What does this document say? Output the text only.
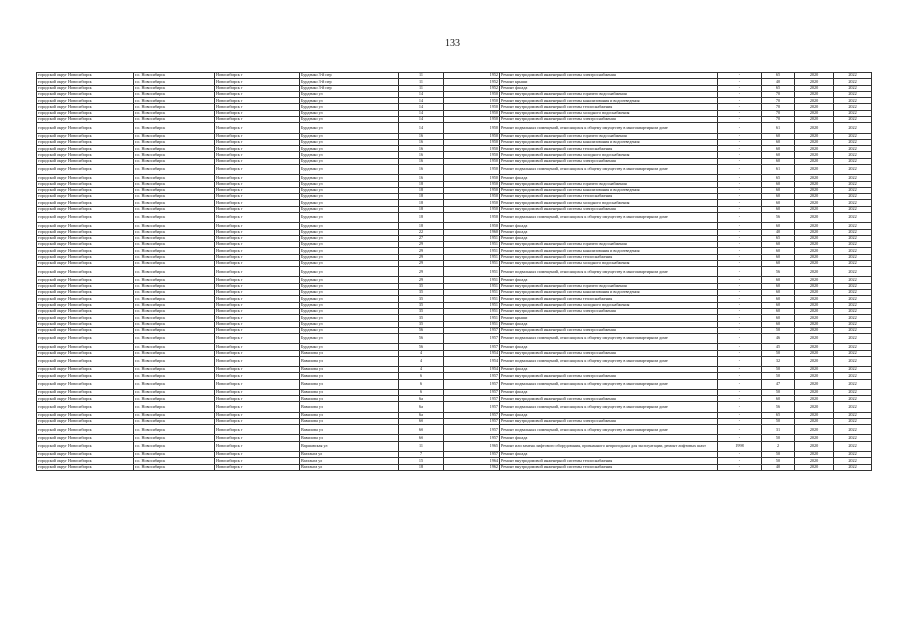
133
городской округ Новосибирск	г.о. Новосибирск	Новосибирск г	Бурденко 3-й пер	11	1952	Ремонт внутридомовой инженерной системы электроснабжения	-	65	2020	2022
городской округ Новосибирск	г.о. Новосибирск	Новосибирск г	Бурденко 3-й пер	11	1952	Ремонт крыши	-	40	2020	2022
городской округ Новосибирск	г.о. Новосибирск	Новосибирск г	Бурденко 3-й пер	11	1952	Ремонт фасада	-	65	2020	2022
городской округ Новосибирск	г.о. Новосибирск	Новосибирск г	Бурденко ул	14	1950	Ремонт внутридомовой инженерной системы горячего водоснабжения	-	70	2020	2022
городской округ Новосибирск	г.о. Новосибирск	Новосибирск г	Бурденко ул	14	1950	Ремонт внутридомовой инженерной системы канализования и водоотведения	-	70	2020	2022
городской округ Новосибирск	г.о. Новосибирск	Новосибирск г	Бурденко ул	14	1950	Ремонт внутридомовой инженерной системы теплоснабжения	-	70	2020	2022
городской округ Новосибирск	г.о. Новосибирск	Новосибирск г	Бурденко ул	14	1950	Ремонт внутридомовой инженерной системы холодного водоснабжения	-	70	2020	2022
городской округ Новосибирск	г.о. Новосибирск	Новосибирск г	Бурденко ул	14	1950	Ремонт внутридомовой инженерной системы электроснабжения	-	70	2020	2022
городской округ Новосибирск	г.о. Новосибирск	Новосибирск г	Бурденко ул	14	1950	Ремонт подвальных помещений, относящихся к общему имуществу в многоквартирном доме	-	61	2020	2022
городской округ Новосибирск	г.о. Новосибирск	Новосибирск г	Бурденко ул	16	1950	Ремонт внутридомовой инженерной системы горячего водоснабжения	-	60	2020	2022
городской округ Новосибирск	г.о. Новосибирск	Новосибирск г	Бурденко ул	16	1950	Ремонт внутридомовой инженерной системы канализования и водоотведения	-	60	2020	2022
городской округ Новосибирск	г.о. Новосибирск	Новосибирск г	Бурденко ул	16	1950	Ремонт внутридомовой инженерной системы теплоснабжения	-	60	2020	2022
городской округ Новосибирск	г.о. Новосибирск	Новосибирск г	Бурденко ул	16	1950	Ремонт внутридомовой инженерной системы холодного водоснабжения	-	60	2020	2022
городской округ Новосибирск	г.о. Новосибирск	Новосибирск г	Бурденко ул	16	1950	Ремонт внутридомовой инженерной системы электроснабжения	-	60	2020	2022
городской округ Новосибирск	г.о. Новосибирск	Новосибирск г	Бурденко ул	16	1950	Ремонт подвальных помещений, относящихся к общему имуществу в многоквартирном доме	-	61	2020	2022
городской округ Новосибирск	г.о. Новосибирск	Новосибирск г	Бурденко ул	16	1950	Ремонт фасада	-	65	2020	2022
городской округ Новосибирск	г.о. Новосибирск	Новосибирск г	Бурденко ул	18	1950	Ремонт внутридомовой инженерной системы горячего водоснабжения	-	60	2020	2022
городской округ Новосибирск	г.о. Новосибирск	Новосибирск г	Бурденко ул	18	1950	Ремонт внутридомовой инженерной системы канализования и водоотведения	-	60	2020	2022
городской округ Новосибирск	г.о. Новосибирск	Новосибирск г	Бурденко ул	18	1950	Ремонт внутридомовой инженерной системы теплоснабжения	-	60	2020	2022
городской округ Новосибирск	г.о. Новосибирск	Новосибирск г	Бурденко ул	18	1950	Ремонт внутридомовой инженерной системы холодного водоснабжения	-	60	2020	2022
городской округ Новосибирск	г.о. Новосибирск	Новосибирск г	Бурденко ул	18	1950	Ремонт внутридомовой инженерной системы электроснабжения	-	60	2020	2022
городской округ Новосибирск	г.о. Новосибирск	Новосибирск г	Бурденко ул	18	1950	Ремонт подвальных помещений, относящихся к общему имуществу в многоквартирном доме	-	56	2020	2022
городской округ Новосибирск	г.о. Новосибирск	Новосибирск г	Бурденко ул	18	1950	Ремонт фасада	-	60	2020	2022
городской округ Новосибирск	г.о. Новосибирск	Новосибирск г	Бурденко ул	22	1960	Ремонт фасада	-	40	2020	2022
городской округ Новосибирск	г.о. Новосибирск	Новосибирск г	Бурденко ул	27	1951	Ремонт фасада	-	65	2020	2022
городской округ Новосибирск	г.о. Новосибирск	Новосибирск г	Бурденко ул	29	1951	Ремонт внутридомовой инженерной системы горячего водоснабжения	-	60	2020	2022
городской округ Новосибирск	г.о. Новосибирск	Новосибирск г	Бурденко ул	29	1951	Ремонт внутридомовой инженерной системы канализования и водоотведения	-	60	2020	2022
городской округ Новосибирск	г.о. Новосибирск	Новосибирск г	Бурденко ул	29	1951	Ремонт внутридомовой инженерной системы теплоснабжения	-	60	2020	2022
городской округ Новосибирск	г.о. Новосибирск	Новосибирск г	Бурденко ул	29	1951	Ремонт внутридомовой инженерной системы холодного водоснабжения	-	60	2020	2022
городской округ Новосибирск	г.о. Новосибирск	Новосибирск г	Бурденко ул	29	1951	Ремонт подвальных помещений, относящихся к общему имуществу в многоквартирном доме	-	56	2020	2022
городской округ Новосибирск	г.о. Новосибирск	Новосибирск г	Бурденко ул	29	1951	Ремонт фасада	-	60	2020	2022
городской округ Новосибирск	г.о. Новосибирск	Новосибирск г	Бурденко ул	35	1951	Ремонт внутридомовой инженерной системы горячего водоснабжения	-	60	2020	2022
городской округ Новосибирск	г.о. Новосибирск	Новосибирск г	Бурденко ул	35	1951	Ремонт внутридомовой инженерной системы канализования и водоотведения	-	60	2020	2022
городской округ Новосибирск	г.о. Новосибирск	Новосибирск г	Бурденко ул	35	1951	Ремонт внутридомовой инженерной системы теплоснабжения	-	60	2020	2022
городской округ Новосибирск	г.о. Новосибирск	Новосибирск г	Бурденко ул	35	1951	Ремонт внутридомовой инженерной системы холодного водоснабжения	-	60	2020	2022
городской округ Новосибирск	г.о. Новосибирск	Новосибирск г	Бурденко ул	35	1951	Ремонт внутридомовой инженерной системы электроснабжения	-	60	2020	2022
городской округ Новосибирск	г.о. Новосибирск	Новосибирск г	Бурденко ул	35	1951	Ремонт крыши	-	60	2020	2022
городской округ Новосибирск	г.о. Новосибирск	Новосибирск г	Бурденко ул	35	1951	Ремонт фасада	-	60	2020	2022
городской округ Новосибирск	г.о. Новосибирск	Новосибирск г	Бурденко ул	56	1957	Ремонт внутридомовой инженерной системы электроснабжения	-	50	2020	2022
городской округ Новосибирск	г.о. Новосибирск	Новосибирск г	Бурденко ул	56	1957	Ремонт подвальных помещений, относящихся к общему имуществу в многоквартирном доме	-	46	2020	2022
городской округ Новосибирск	г.о. Новосибирск	Новосибирск г	Бурденко ул	56	1957	Ремонт фасада	-	45	2020	2022
городской округ Новосибирск	г.о. Новосибирск	Новосибирск г	Вавилова ул	4	1954	Ремонт внутридомовой инженерной системы электроснабжения	-	50	2020	2022
городской округ Новосибирск	г.о. Новосибирск	Новосибирск г	Вавилова ул	4	1954	Ремонт подвальных помещений, относящихся к общему имуществу в многоквартирном доме	-	32	2020	2022
городской округ Новосибирск	г.о. Новосибирск	Новосибирск г	Вавилова ул	4	1954	Ремонт фасада	-	50	2020	2022
городской округ Новосибирск	г.о. Новосибирск	Новосибирск г	Вавилова ул	6	1957	Ремонт внутридомовой инженерной системы электроснабжения	-	50	2020	2022
городской округ Новосибирск	г.о. Новосибирск	Новосибирск г	Вавилова ул	6	1957	Ремонт подвальных помещений, относящихся к общему имуществу в многоквартирном доме	-	47	2020	2022
городской округ Новосибирск	г.о. Новосибирск	Новосибирск г	Вавилова ул	6	1957	Ремонт фасада	-	50	2020	2022
городской округ Новосибирск	г.о. Новосибирск	Новосибирск г	Вавилова ул	6а	1957	Ремонт внутридомовой инженерной системы электроснабжения	-	60	2020	2022
городской округ Новосибирск	г.о. Новосибирск	Новосибирск г	Вавилова ул	6а	1957	Ремонт подвальных помещений, относящихся к общему имуществу в многоквартирном доме	-	56	2020	2022
городской округ Новосибирск	г.о. Новосибирск	Новосибирск г	Вавилова ул	6а	1957	Ремонт фасада	-	65	2020	2022
городской округ Новосибирск	г.о. Новосибирск	Новосибирск г	Вавилова ул	6б	1957	Ремонт внутридомовой инженерной системы электроснабжения	-	50	2020	2022
городской округ Новосибирск	г.о. Новосибирск	Новосибирск г	Вавилова ул	6б	1957	Ремонт подвальных помещений, относящихся к общему имуществу в многоквартирном доме	-	31	2020	2022
городской округ Новосибирск	г.о. Новосибирск	Новосибирск г	Вавилова ул	6б	1957	Ремонт фасада	-	50	2020	2022
городской округ Новосибирск	г.о. Новосибирск	Новосибирск г	Варшавская ул	11	1965	Ремонт или замена лифтового оборудования, признанного непригодным для эксплуатации, ремонт лифтовых шахт	1998	2	2020	2022
городской округ Новосибирск	г.о. Новосибирск	Новосибирск г	Вахтанга ул	7	1957	Ремонт фасада	-	50	2020	2022
городской округ Новосибирск	г.о. Новосибирск	Новосибирск г	Вахтанга ул	15	1964	Ремонт внутридомовой инженерной системы теплоснабжения	-	50	2020	2022
городской округ Новосибирск	г.о. Новосибирск	Новосибирск г	Вахтанга ул	18	1962	Ремонт внутридомовой инженерной системы теплоснабжения	-	40	2020	2022
